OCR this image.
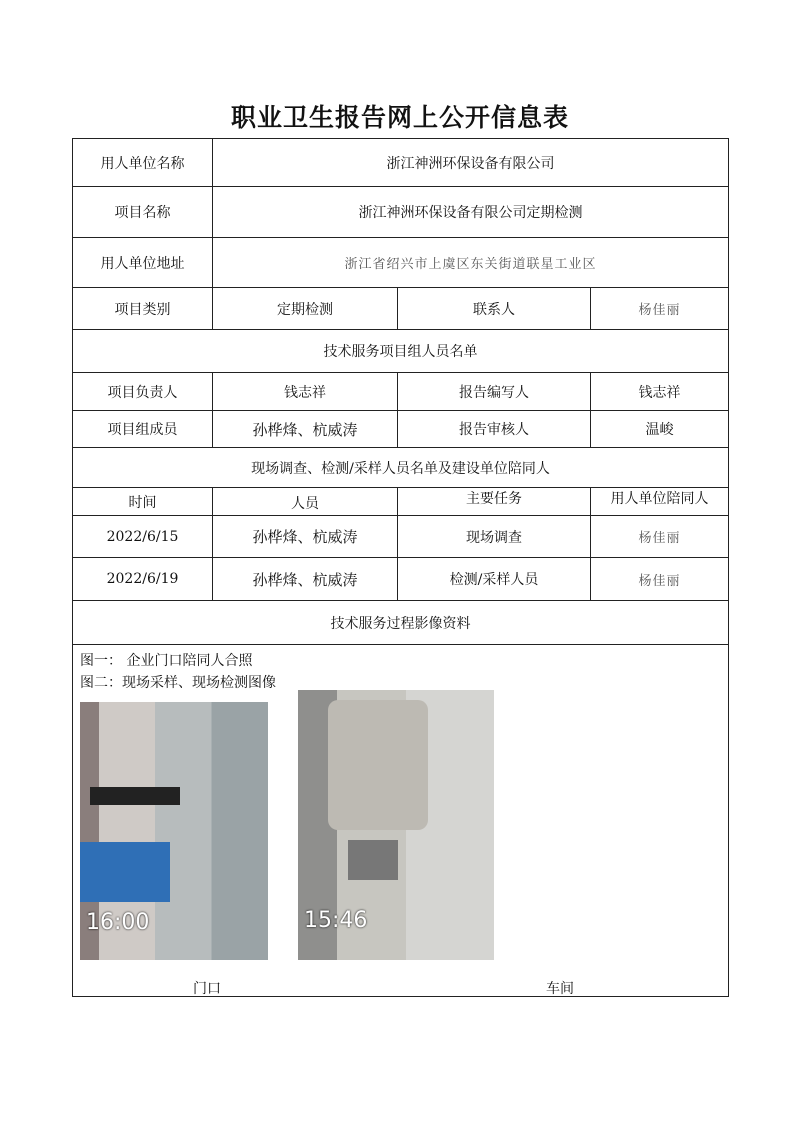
职业卫生报告网上公开信息表
用人单位名称	浙江神洲环保设备有限公司
项目名称	浙江神洲环保设备有限公司定期检测
用人单位地址	浙江省绍兴市上虞区东关街道联星工业区
项目类别	定期检测	联系人	杨佳丽
技术服务项目组人员名单
项目负责人	钱志祥	报告编写人	钱志祥
项目组成员	孙桦烽、杭威涛	报告审核人	温峻
现场调查、检测/采样人员名单及建设单位陪同人
时间	人员	主要任务	用人单位陪同人
2022/6/15	孙桦烽、杭威涛	现场调查	杨佳丽
2022/6/19	孙桦烽、杭威涛	检测/采样人员	杨佳丽
技术服务过程影像资料
图一： 企业门口陪同人合照
图二：现场采样、现场检测图像
16:00	15:46
门口	车间
